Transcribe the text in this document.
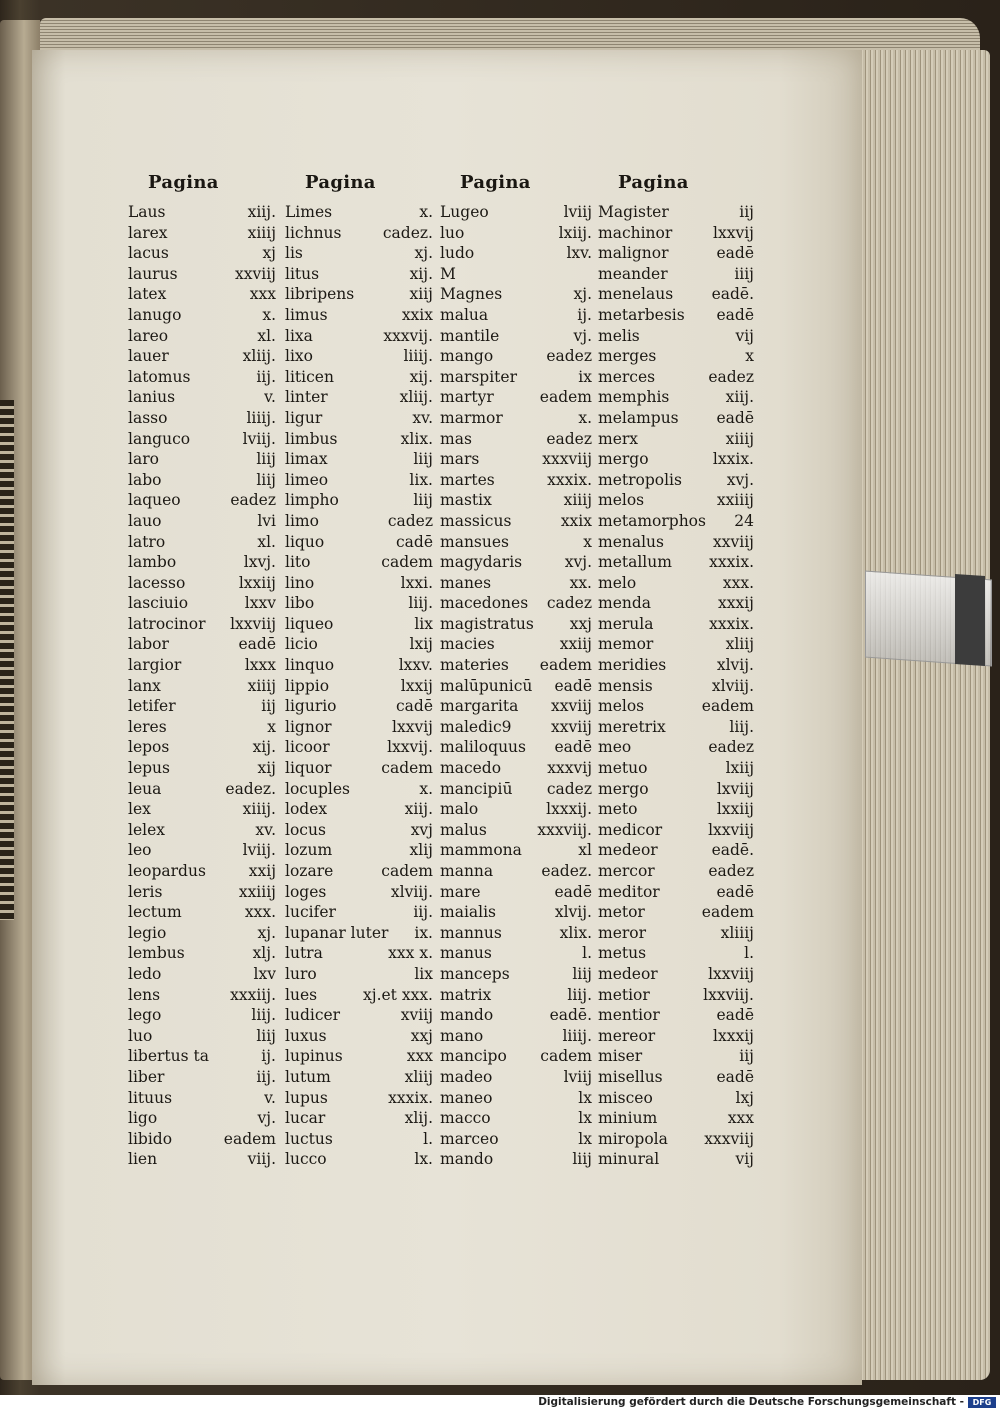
Pagina
Laus	xiij.
larex	xiiij
lacus	xj
laurus	xxviij
latex	xxx
lanugo	x.
lareo	xl.
lauer	xliij.
latomus	iij.
lanius	v.
lasso	liiij.
languco	lviij.
laro	liij
labo	liij
laqueo	eadez
lauo	lvi
latro	xl.
lambo	lxvj.
lacesso	lxxiij
lasciuio	lxxv
latrocinor lxxviij
labor	eadē
largior	lxxx
lanx	xiiij
letifer	iij
leres	x
lepos	xij.
lepus	xij
leua	eadez.
lex	xiiij.
lelex	xv.
leo	lviij.
leopardus	xxij
leris	xxiiij
lectum	xxx.
legio	xj.
lembus	xlj.
ledo	lxv
lens	xxxiij.
lego	liij.
luo	liij
libertus ta	ij.
liber	iij.
lituus	v.
ligo	vj.
libido	eadem
lien	viij.
Pagina
Limes	x.
lichnus	cadez.
lis	xj.
litus	xij.
libripens	xiij
limus	xxix
lixa	xxxvij.
lixo	liiij.
liticen	xij.
linter	xliij.
ligur	xv.
limbus	xlix.
limax	liij
limeo	lix.
limpho	liij
limo	cadez
liquo	cadē
lito	cadem
lino	lxxi.
libo	liij.
liqueo	lix
licio	lxij
linquo	lxxv.
lippio	lxxij
ligurio	cadē
lignor	lxxvij
licoor	lxxvij.
liquor	cadem
locuples	x.
lodex	xiij.
locus	xvj
lozum	xlij
lozare	cadem
loges	xlviij.
lucifer	iij.
lupanar luter ix.
lutra	xxx x.
luro	lix
lues	xj.et xxx.
ludicer	xviij
luxus	xxj
lupinus	xxx
lutum	xliij
lupus	xxxix.
lucar	xlij.
luctus	l.
lucco	lx.
Pagina
Lugeo	lviij
luo	lxiij.
ludo	lxv.
M
Magnes	xj.
malua	ij.
mantile	vj.
mango	eadez
marspiter	ix
martyr	eadem
marmor	x.
mas	eadez
mars	xxxviij
martes	xxxix.
mastix	xiiij
massicus	xxix
mansues	x
magydaris	xvj.
manes	xx.
macedones cadez
magistratus xxj
macies	xxiij
materies eadem
malūpunicū eadē
margarita xxviij
maledic9	xxviij
maliloquus eadē
macedo	xxxvij
mancipiū cadez
malo	lxxxij.
malus	xxxviij.
mammona	xl
manna	eadez.
mare	eadē
maialis	xlvij.
mannus	xlix.
manus	l.
manceps	liij
matrix	liij.
mando	eadē.
mano	liiij.
mancipo cadem
madeo	lviij
maneo	lx
macco	lx
marceo	lx
mando	liij
Pagina
Magister	iij
machinor	lxxvij
malignor	eadē
meander	iiij
menelaus eadē.
metarbesis eadē
melis	vij
merges	x
merces	eadez
memphis	xiij.
melampus eadē
merx	xiiij
mergo	lxxix.
metropolis	xvj.
melos	xxiiij
metamorphos 24
menalus	xxviij
metallum xxxix.
melo	xxx.
menda	xxxij
merula	xxxix.
memor	xliij
meridies	xlvij.
mensis	xlviij.
melos	eadem
meretrix	liij.
meo	eadez
metuo	lxiij
mergo	lxviij
meto	lxxiij
medicor	lxxviij
medeor	eadē.
mercor	eadez
meditor	eadē
metor	eadem
meror	xliiij
metus	l.
medeor	lxxviij
metior	lxxviij.
mentior	eadē
mereor	lxxxij
miser	iij
misellus	eadē
misceo	lxj
minium	xxx
miropola xxxviij
minural	vij
Digitalisierung gefördert durch die Deutsche Forschungsgemeinschaft -	DFG
